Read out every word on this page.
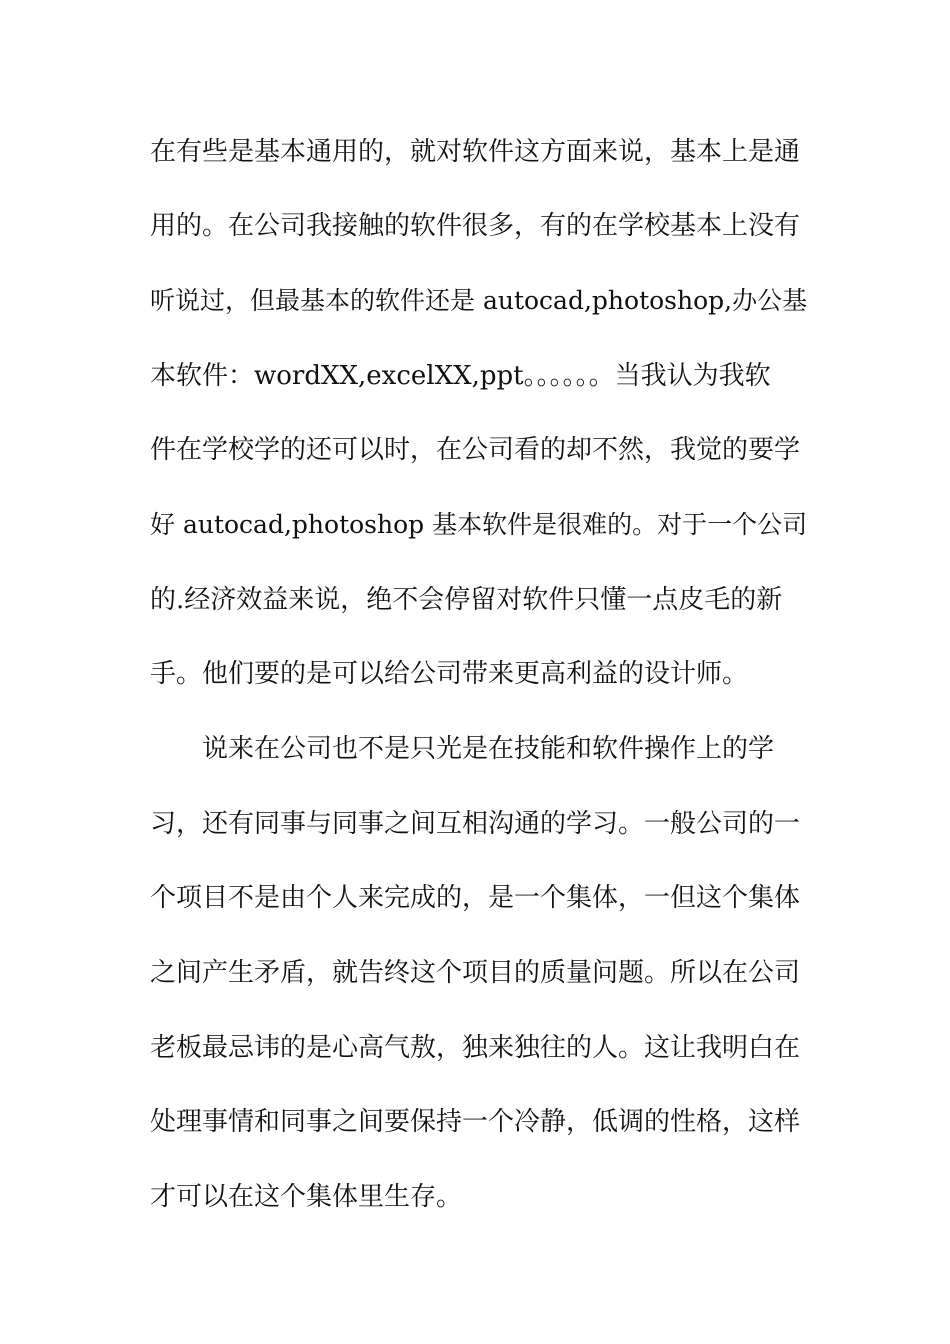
在有些是基本通用的，就对软件这方面来说，基本上是通
用的。在公司我接触的软件很多，有的在学校基本上没有
听说过，但最基本的软件还是 autocad,photoshop,办公基
本软件：wordXX,excelXX,ppt。。。。。。当我认为我软
件在学校学的还可以时，在公司看的却不然，我觉的要学
好 autocad,photoshop 基本软件是很难的。对于一个公司
的.经济效益来说，绝不会停留对软件只懂一点皮毛的新
手。他们要的是可以给公司带来更高利益的设计师。
说来在公司也不是只光是在技能和软件操作上的学
习，还有同事与同事之间互相沟通的学习。一般公司的一
个项目不是由个人来完成的，是一个集体，一但这个集体
之间产生矛盾，就告终这个项目的质量问题。所以在公司
老板最忌讳的是心高气敖，独来独往的人。这让我明白在
处理事情和同事之间要保持一个冷静，低调的性格，这样
才可以在这个集体里生存。
